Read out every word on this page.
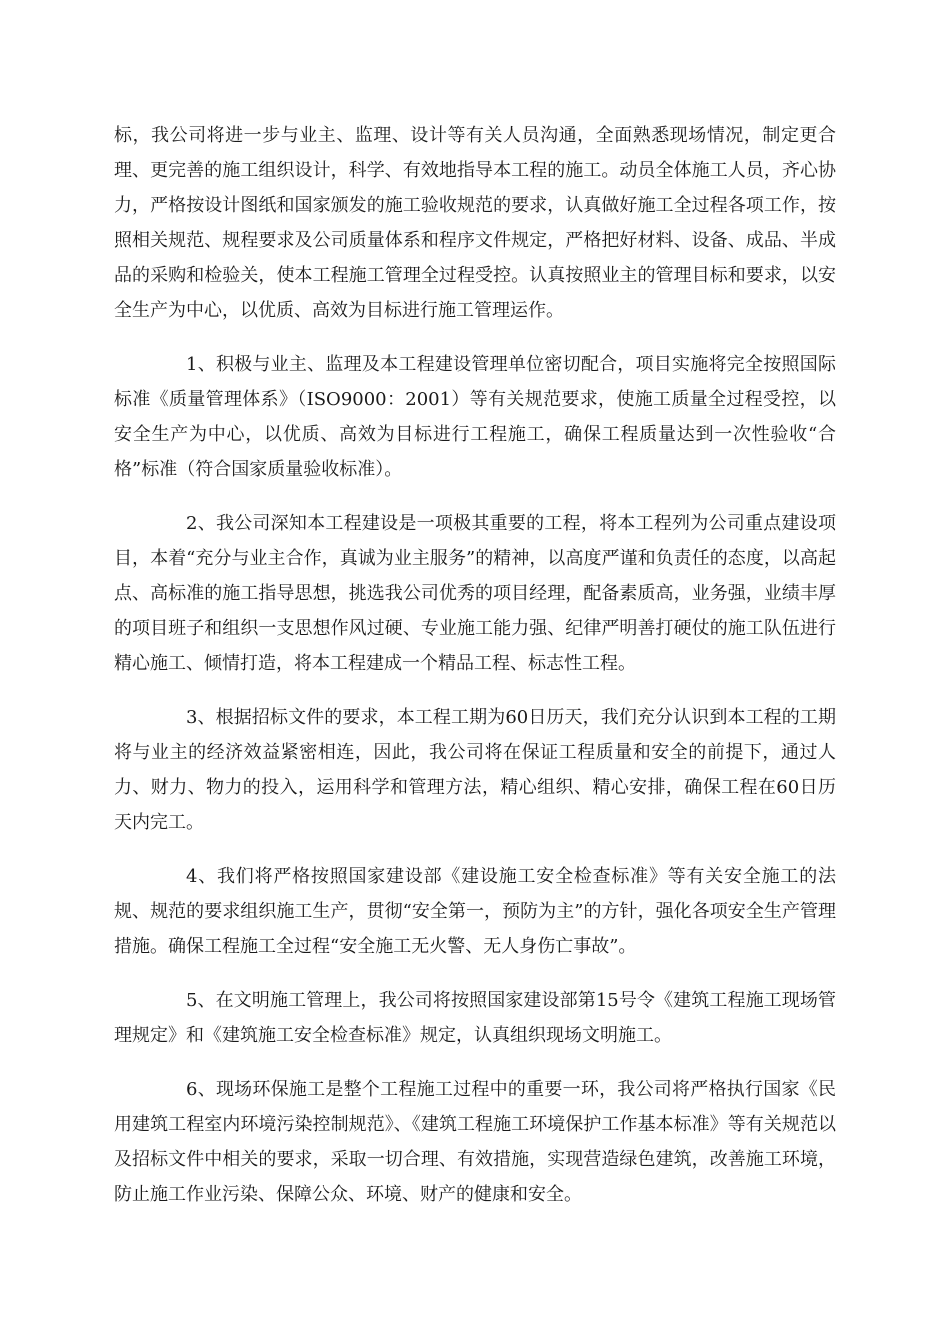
标，我公司将进一步与业主、监理、设计等有关人员沟通，全面熟悉现场情况，制定更合理、更完善的施工组织设计，科学、有效地指导本工程的施工。动员全体施工人员，齐心协力，严格按设计图纸和国家颁发的施工验收规范的要求，认真做好施工全过程各项工作，按照相关规范、规程要求及公司质量体系和程序文件规定，严格把好材料、设备、成品、半成品的采购和检验关，使本工程施工管理全过程受控。认真按照业主的管理目标和要求，以安全生产为中心，以优质、高效为目标进行施工管理运作。

1、积极与业主、监理及本工程建设管理单位密切配合，项目实施将完全按照国际标准《质量管理体系》（ISO9000：2001）等有关规范要求，使施工质量全过程受控，以安全生产为中心，以优质、高效为目标进行工程施工，确保工程质量达到一次性验收“合格”标准（符合国家质量验收标准）。

2、我公司深知本工程建设是一项极其重要的工程，将本工程列为公司重点建设项目，本着“充分与业主合作，真诚为业主服务”的精神，以高度严谨和负责任的态度，以高起点、高标准的施工指导思想，挑选我公司优秀的项目经理，配备素质高，业务强，业绩丰厚的项目班子和组织一支思想作风过硬、专业施工能力强、纪律严明善打硬仗的施工队伍进行精心施工、倾情打造，将本工程建成一个精品工程、标志性工程。

3、根据招标文件的要求，本工程工期为60日历天，我们充分认识到本工程的工期将与业主的经济效益紧密相连，因此，我公司将在保证工程质量和安全的前提下，通过人力、财力、物力的投入，运用科学和管理方法，精心组织、精心安排，确保工程在60日历天内完工。

4、我们将严格按照国家建设部《建设施工安全检查标准》等有关安全施工的法规、规范的要求组织施工生产，贯彻“安全第一，预防为主”的方针，强化各项安全生产管理措施。确保工程施工全过程“安全施工无火警、无人身伤亡事故”。

5、在文明施工管理上，我公司将按照国家建设部第15号令《建筑工程施工现场管理规定》和《建筑施工安全检查标准》规定，认真组织现场文明施工。

6、现场环保施工是整个工程施工过程中的重要一环，我公司将严格执行国家《民用建筑工程室内环境污染控制规范》、《建筑工程施工环境保护工作基本标准》等有关规范以及招标文件中相关的要求，采取一切合理、有效措施，实现营造绿色建筑，改善施工环境，防止施工作业污染、保障公众、环境、财产的健康和安全。
